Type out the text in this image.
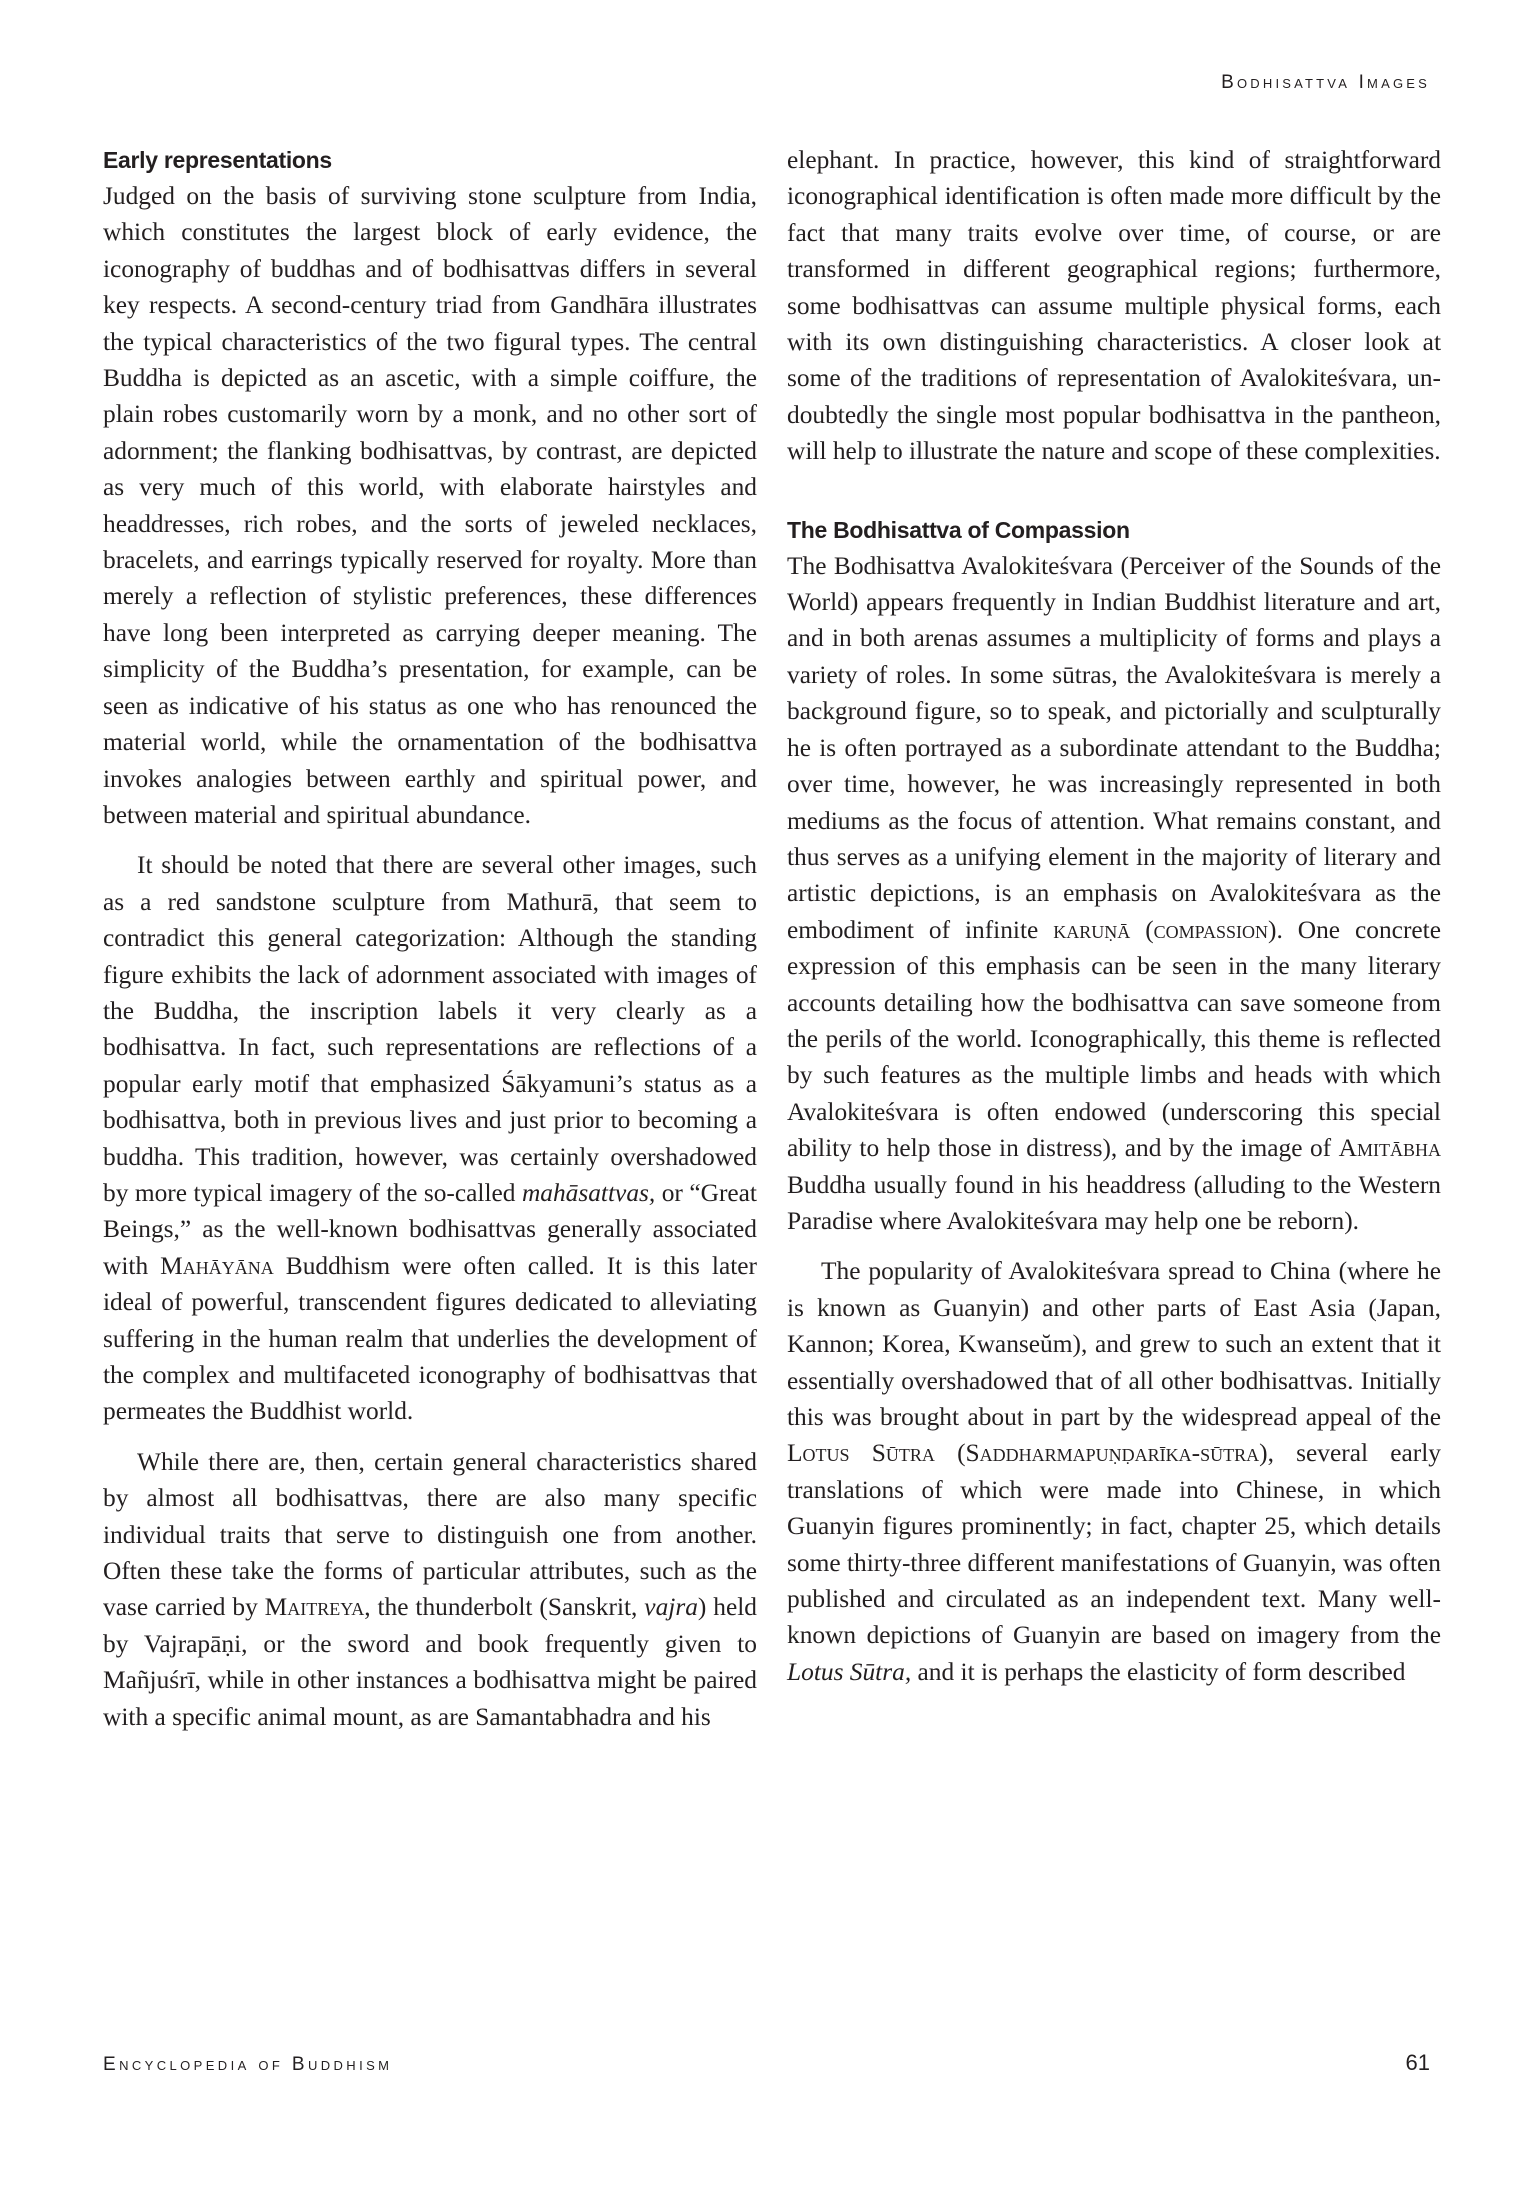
Bodhisattva Images
Early representations

Judged on the basis of surviving stone sculpture from India, which constitutes the largest block of early evidence, the iconography of buddhas and of bodhisattvas differs in several key respects. A second-century triad from Gandhāra illustrates the typical characteristics of the two figural types. The central Buddha is depicted as an ascetic, with a simple coiffure, the plain robes customarily worn by a monk, and no other sort of adornment; the flanking bodhisattvas, by contrast, are depicted as very much of this world, with elaborate hairstyles and headdresses, rich robes, and the sorts of jeweled necklaces, bracelets, and earrings typically reserved for royalty. More than merely a reflection of stylistic preferences, these differences have long been interpreted as carrying deeper meaning. The simplicity of the Buddha’s presentation, for example, can be seen as indicative of his status as one who has renounced the material world, while the ornamentation of the bodhisattva invokes analogies between earthly and spiritual power, and between material and spiritual abundance.

It should be noted that there are several other images, such as a red sandstone sculpture from Mathurā, that seem to contradict this general categorization: Although the standing figure exhibits the lack of adornment associated with images of the Buddha, the inscription labels it very clearly as a bodhisattva. In fact, such representations are reflections of a popular early motif that emphasized Śākyamuni’s status as a bodhisattva, both in previous lives and just prior to becoming a buddha. This tradition, however, was certainly overshadowed by more typical imagery of the so-called mahāsattvas, or “Great Beings,” as the well-known bodhisattvas generally associated with Mahāyāna Buddhism were often called. It is this later ideal of powerful, transcendent figures dedicated to alleviating suffering in the human realm that underlies the development of the complex and multifaceted iconography of bodhisattvas that permeates the Buddhist world.

While there are, then, certain general characteristics shared by almost all bodhisattvas, there are also many specific individual traits that serve to distinguish one from another. Often these take the forms of particular attributes, such as the vase carried by Maitreya, the thunderbolt (Sanskrit, vajra) held by Vajrapāṇi, or the sword and book frequently given to Mañjuśrī, while in other instances a bodhisattva might be paired with a specific animal mount, as are Samantabhadra and his

elephant. In practice, however, this kind of straightforward iconographical identification is often made more difficult by the fact that many traits evolve over time, of course, or are transformed in different geographical regions; furthermore, some bodhisattvas can assume multiple physical forms, each with its own distinguishing characteristics. A closer look at some of the traditions of representation of Avalokiteśvara, undoubtedly the single most popular bodhisattva in the pantheon, will help to illustrate the nature and scope of these complexities.

The Bodhisattva of Compassion

The Bodhisattva Avalokiteśvara (Perceiver of the Sounds of the World) appears frequently in Indian Buddhist literature and art, and in both arenas assumes a multiplicity of forms and plays a variety of roles. In some sūtras, the Avalokiteśvara is merely a background figure, so to speak, and pictorially and sculpturally he is often portrayed as a subordinate attendant to the Buddha; over time, however, he was increasingly represented in both mediums as the focus of attention. What remains constant, and thus serves as a unifying element in the majority of literary and artistic depictions, is an emphasis on Avalokiteśvara as the embodiment of infinite karuṇā (compassion). One concrete expression of this emphasis can be seen in the many literary accounts detailing how the bodhisattva can save someone from the perils of the world. Iconographically, this theme is reflected by such features as the multiple limbs and heads with which Avalokiteśvara is often endowed (underscoring this special ability to help those in distress), and by the image of Amitābha Buddha usually found in his headdress (alluding to the Western Paradise where Avalokiteśvara may help one be reborn).

The popularity of Avalokiteśvara spread to China (where he is known as Guanyin) and other parts of East Asia (Japan, Kannon; Korea, Kwanseŭm), and grew to such an extent that it essentially overshadowed that of all other bodhisattvas. Initially this was brought about in part by the widespread appeal of the Lotus Sūtra (Saddharmapuṇḍarīka-sūtra), several early translations of which were made into Chinese, in which Guanyin figures prominently; in fact, chapter 25, which details some thirty-three different manifestations of Guanyin, was often published and circulated as an independent text. Many well-known depictions of Guanyin are based on imagery from the Lotus Sūtra, and it is perhaps the elasticity of form described

Encyclopedia of Buddhism	61
